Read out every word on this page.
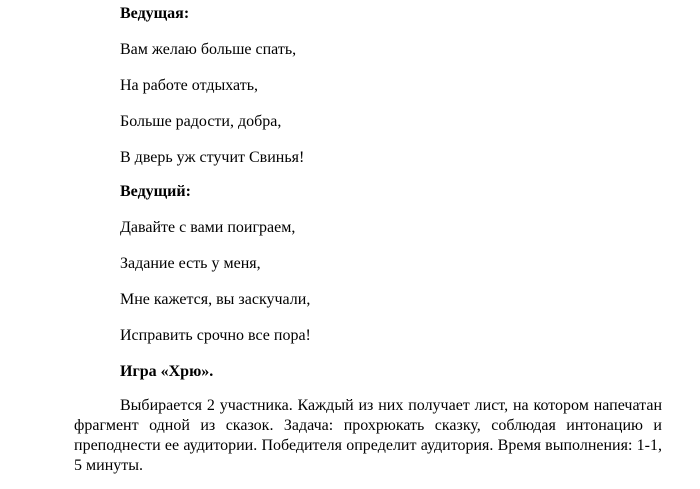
Ведущая:
Вам желаю больше спать,
На работе отдыхать,
Больше радости, добра,
В дверь уж стучит Свинья!
Ведущий:
Давайте с вами поиграем,
Задание есть у меня,
Мне кажется, вы заскучали,
Исправить срочно все пора!
Игра «Хрю».
Выбирается 2 участника. Каждый из них получает лист, на котором напечатан фрагмент одной из сказок. Задача: прохрюкать сказку, соблюдая интонацию и преподнести ее аудитории. Победителя определит аудитория. Время выполнения: 1-1, 5 минуты.
